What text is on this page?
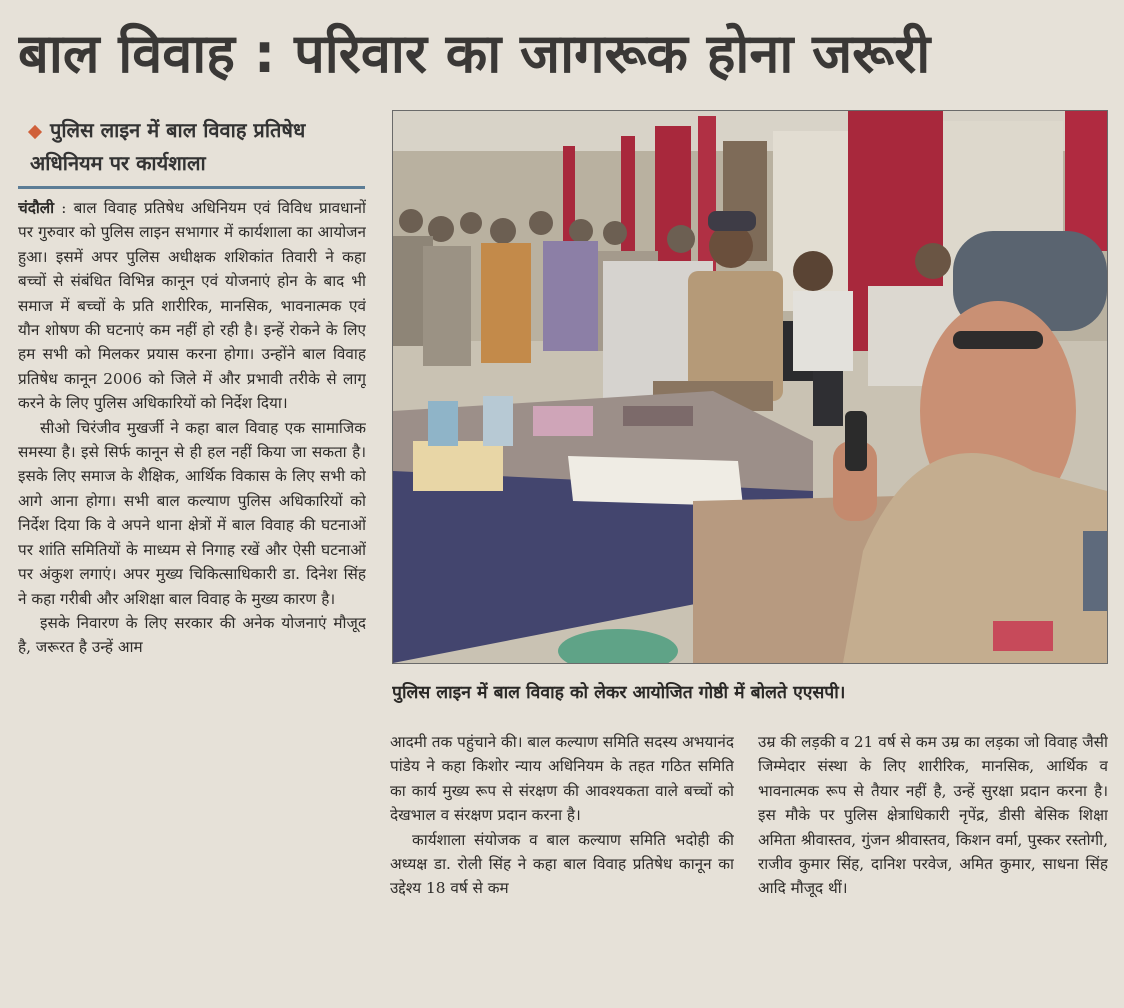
बाल विवाह : परिवार का जागरूक होना जरूरी
पुलिस लाइन में बाल विवाह प्रतिषेध अधिनियम पर कार्यशाला

चंदौली : बाल विवाह प्रतिषेध अधिनियम एवं विविध प्रावधानों पर गुरुवार को पुलिस लाइन सभागार में कार्यशाला का आयोजन हुआ। इसमें अपर पुलिस अधीक्षक शशिकांत तिवारी ने कहा बच्चों से संबंधित विभिन्न कानून एवं योजनाएं होन के बाद भी समाज में बच्चों के प्रति शारीरिक, मानसिक, भावनात्मक एवं यौन शोषण की घटनाएं कम नहीं हो रही है। इन्हें रोकने के लिए हम सभी को मिलकर प्रयास करना होगा। उन्होंने बाल विवाह प्रतिषेध कानून 2006 को जिले में और प्रभावी तरीके से लागू करने के लिए पुलिस अधिकारियों को निर्देश दिया।

सीओ चिरंजीव मुखर्जी ने कहा बाल विवाह एक सामाजिक समस्या है। इसे सिर्फ कानून से ही हल नहीं किया जा सकता है। इसके लिए समाज के शैक्षिक, आर्थिक विकास के लिए सभी को आगे आना होगा। सभी बाल कल्याण पुलिस अधिकारियों को निर्देश दिया कि वे अपने थाना क्षेत्रों में बाल विवाह की घटनाओं पर शांति समितियों के माध्यम से निगाह रखें और ऐसी घटनाओं पर अंकुश लगाएं। अपर मुख्य चिकित्साधिकारी डा. दिनेश सिंह ने कहा गरीबी और अशिक्षा बाल विवाह के मुख्य कारण है।

इसके निवारण के लिए सरकार की अनेक योजनाएं मौजूद है, जरूरत है उन्हें आम

पुलिस लाइन में बाल विवाह को लेकर आयोजित गोष्ठी में बोलते एएसपी।

आदमी तक पहुंचाने की। बाल कल्याण समिति सदस्य अभयानंद पांडेय ने कहा किशोर न्याय अधिनियम के तहत गठित समिति का कार्य मुख्य रूप से संरक्षण की आवश्यकता वाले बच्चों को देखभाल व संरक्षण प्रदान करना है।

कार्यशाला संयोजक व बाल कल्याण समिति भदोही की अध्यक्ष डा. रोली सिंह ने कहा बाल विवाह प्रतिषेध कानून का उद्देश्य 18 वर्ष से कम

उम्र की लड़की व 21 वर्ष से कम उम्र का लड़का जो विवाह जैसी जिम्मेदार संस्था के लिए शारीरिक, मानसिक, आर्थिक व भावनात्मक रूप से तैयार नहीं है, उन्हें सुरक्षा प्रदान करना है। इस मौके पर पुलिस क्षेत्राधिकारी नृपेंद्र, डीसी बेसिक शिक्षा अमिता श्रीवास्तव, गुंजन श्रीवास्तव, किशन वर्मा, पुस्कर रस्तोगी, राजीव कुमार सिंह, दानिश परवेज, अमित कुमार, साधना सिंह आदि मौजूद थीं।
